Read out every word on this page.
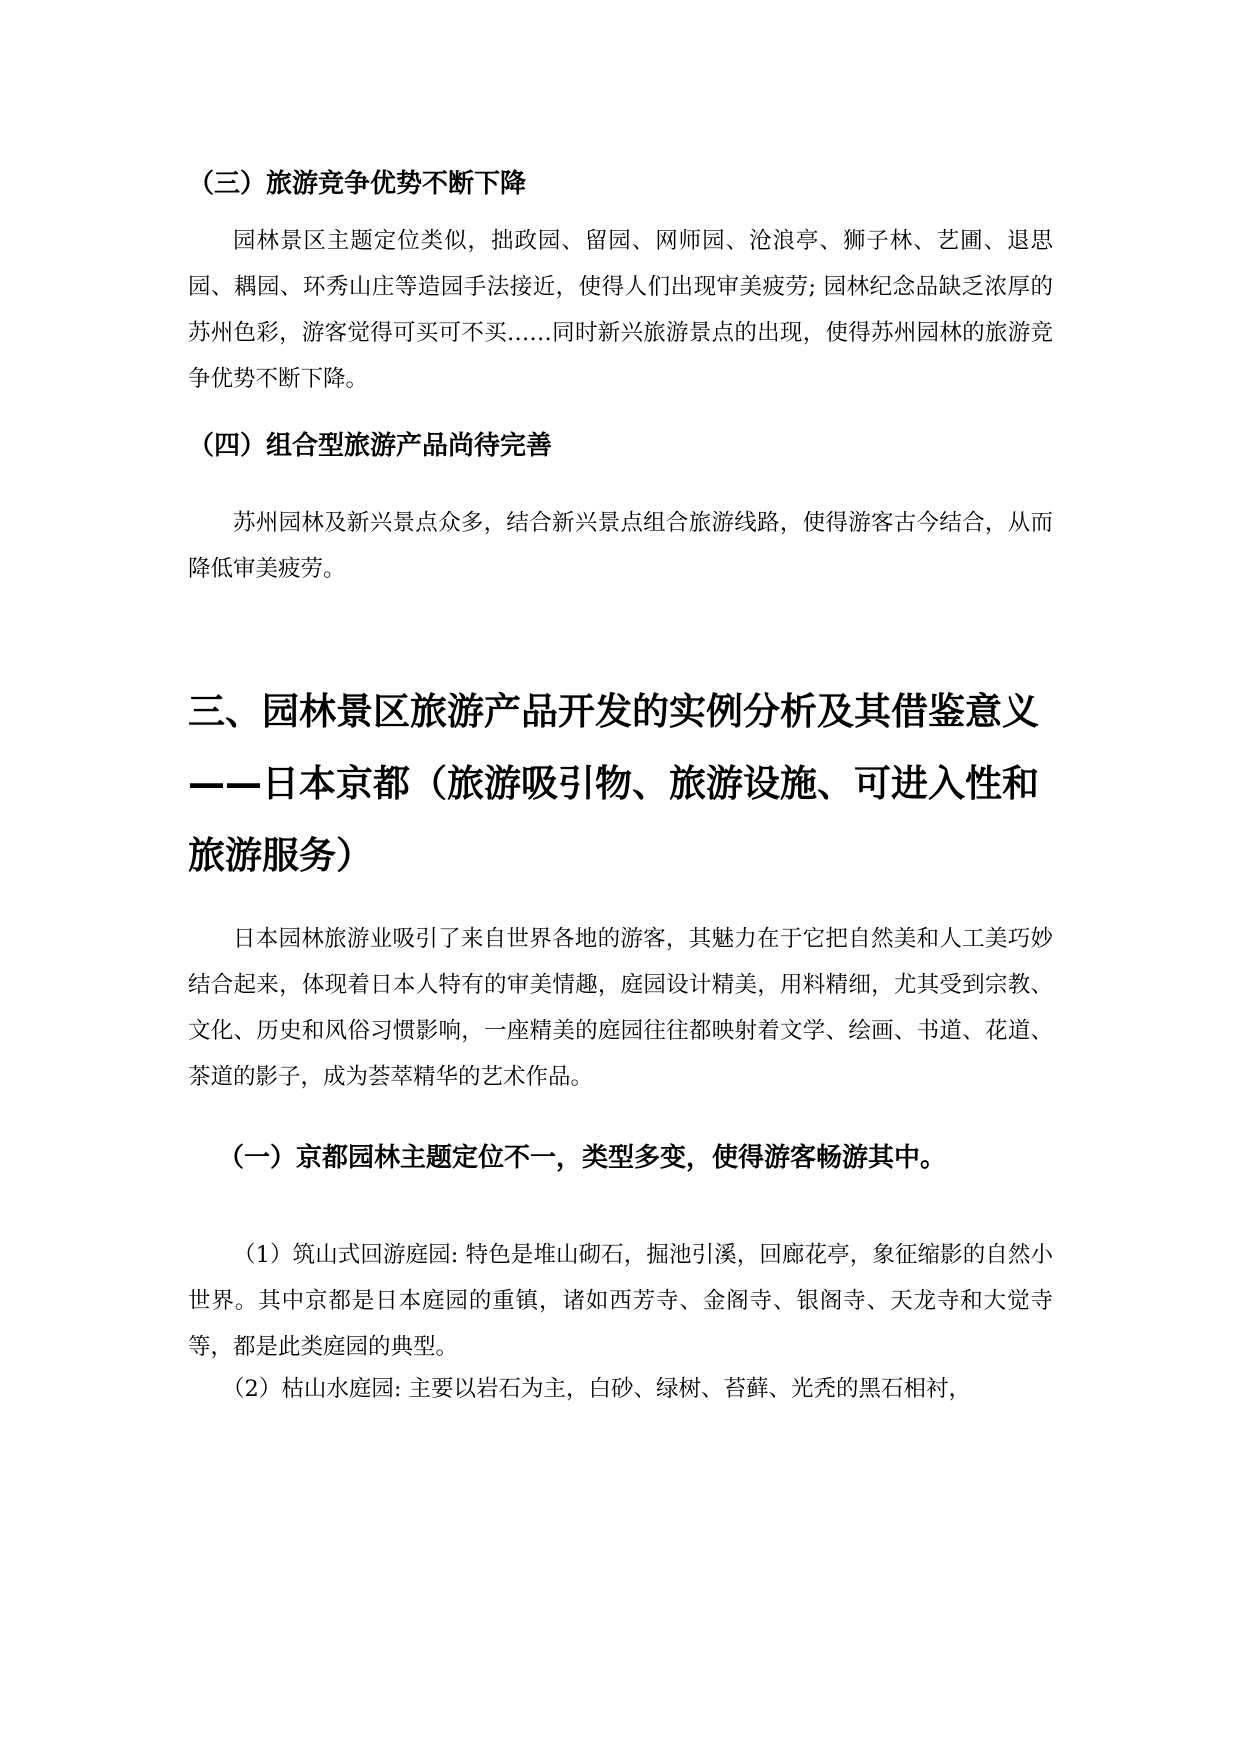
（三）旅游竞争优势不断下降

园林景区主题定位类似，拙政园、留园、网师园、沧浪亭、狮子林、艺圃、退思园、耦园、环秀山庄等造园手法接近，使得人们出现审美疲劳; 园林纪念品缺乏浓厚的苏州色彩，游客觉得可买可不买……同时新兴旅游景点的出现，使得苏州园林的旅游竞争优势不断下降。

（四）组合型旅游产品尚待完善

苏州园林及新兴景点众多，结合新兴景点组合旅游线路，使得游客古今结合，从而降低审美疲劳。

三、园林景区旅游产品开发的实例分析及其借鉴意义
——日本京都（旅游吸引物、旅游设施、可进入性和
旅游服务）

日本园林旅游业吸引了来自世界各地的游客，其魅力在于它把自然美和人工美巧妙结合起来，体现着日本人特有的审美情趣，庭园设计精美，用料精细，尤其受到宗教、文化、历史和风俗习惯影响，一座精美的庭园往往都映射着文学、绘画、书道、花道、茶道的影子，成为荟萃精华的艺术作品。

（一）京都园林主题定位不一，类型多变，使得游客畅游其中。

（1）筑山式回游庭园: 特色是堆山砌石，掘池引溪，回廊花亭，象征缩影的自然小世界。其中京都是日本庭园的重镇，诸如西芳寺、金阁寺、银阁寺、天龙寺和大觉寺等，都是此类庭园的典型。

（2）枯山水庭园: 主要以岩石为主，白砂、绿树、苔藓、光秃的黑石相衬，
